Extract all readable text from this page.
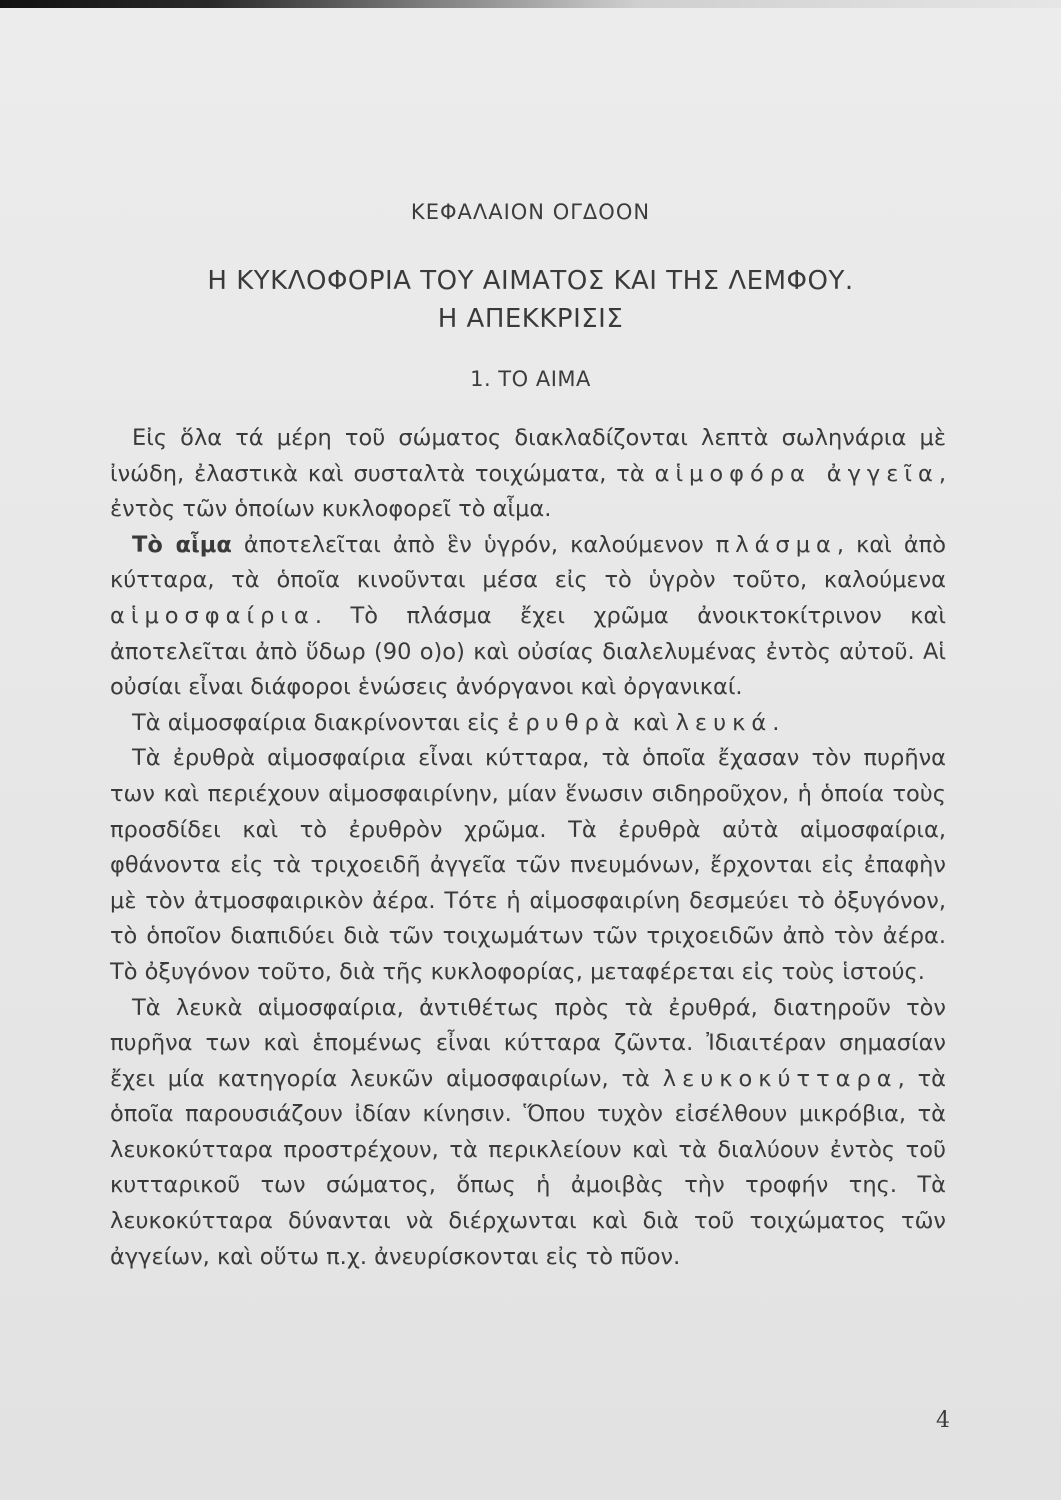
ΚΕΦΑΛΑΙΟΝ ΟΓΔΟΟΝ
Η ΚΥΚΛΟΦΟΡΙΑ ΤΟΥ ΑΙΜΑΤΟΣ ΚΑΙ ΤΗΣ ΛΕΜΦΟΥ.
Η ΑΠΕΚΚΡΙΣΙΣ
1. ΤΟ ΑΙΜΑ

Εἰς ὅλα τά μέρη τοῦ σώματος διακλαδίζονται λεπτὰ σωληνάρια μὲ ἰνώδη, ἐλαστικὰ καὶ συσταλτὰ τοιχώματα, τὰ αἱμοφόρα ἀγγεῖα, ἐντὸς τῶν ὁποίων κυκλοφορεῖ τὸ αἷμα.

Τὸ αἷμα ἀποτελεῖται ἀπὸ ἓν ὑγρόν, καλούμενον πλάσμα, καὶ ἀπὸ κύτταρα, τὰ ὁποῖα κινοῦνται μέσα εἰς τὸ ὑγρὸν τοῦτο, καλούμενα αἱμοσφαίρια. Τὸ πλάσμα ἔχει χρῶμα ἀνοικτοκίτρινον καὶ ἀποτελεῖται ἀπὸ ὕδωρ (90 ο)ο) καὶ οὐσίας διαλελυμένας ἐντὸς αὐτοῦ. Αἱ οὐσίαι εἶναι διάφοροι ἑνώσεις ἀνόργανοι καὶ ὀργανικαί.

Τὰ αἱμοσφαίρια διακρίνονται εἰς ἐρυθρὰ καὶ λευκά.

Τὰ ἐρυθρὰ αἱμοσφαίρια εἶναι κύτταρα, τὰ ὁποῖα ἔχασαν τὸν πυρῆνα των καὶ περιέχουν αἱμοσφαιρίνην, μίαν ἕνωσιν σιδηροῦχον, ἡ ὁποία τοὺς προσδίδει καὶ τὸ ἐρυθρὸν χρῶμα. Τὰ ἐρυθρὰ αὐτὰ αἱμοσφαίρια, φθάνοντα εἰς τὰ τριχοειδῆ ἀγγεῖα τῶν πνευμόνων, ἔρχονται εἰς ἐπαφὴν μὲ τὸν ἀτμοσφαιρικὸν ἀέρα. Τότε ἡ αἱμοσφαιρίνη δεσμεύει τὸ ὀξυγόνον, τὸ ὁποῖον διαπιδύει διὰ τῶν τοιχωμάτων τῶν τριχοειδῶν ἀπὸ τὸν ἀέρα. Τὸ ὀξυγόνον τοῦτο, διὰ τῆς κυκλοφορίας, μεταφέρεται εἰς τοὺς ἱστούς.

Τὰ λευκὰ αἱμοσφαίρια, ἀντιθέτως πρὸς τὰ ἐρυθρά, διατηροῦν τὸν πυρῆνα των καὶ ἑπομένως εἶναι κύτταρα ζῶντα. Ἰδιαιτέραν σημασίαν ἔχει μία κατηγορία λευκῶν αἱμοσφαιρίων, τὰ λευκοκύτταρα, τὰ ὁποῖα παρουσιάζουν ἰδίαν κίνησιν. Ὅπου τυχὸν εἰσέλθουν μικρόβια, τὰ λευκοκύτταρα προστρέχουν, τὰ περικλείουν καὶ τὰ διαλύουν ἐντὸς τοῦ κυτταρικοῦ των σώματος, ὅπως ἡ ἀμοιβὰς τὴν τροφήν της. Τὰ λευκοκύτταρα δύνανται νὰ διέρχωνται καὶ διὰ τοῦ τοιχώματος τῶν ἀγγείων, καὶ οὕτω π.χ. ἀνευρίσκονται εἰς τὸ πῦον.

4
